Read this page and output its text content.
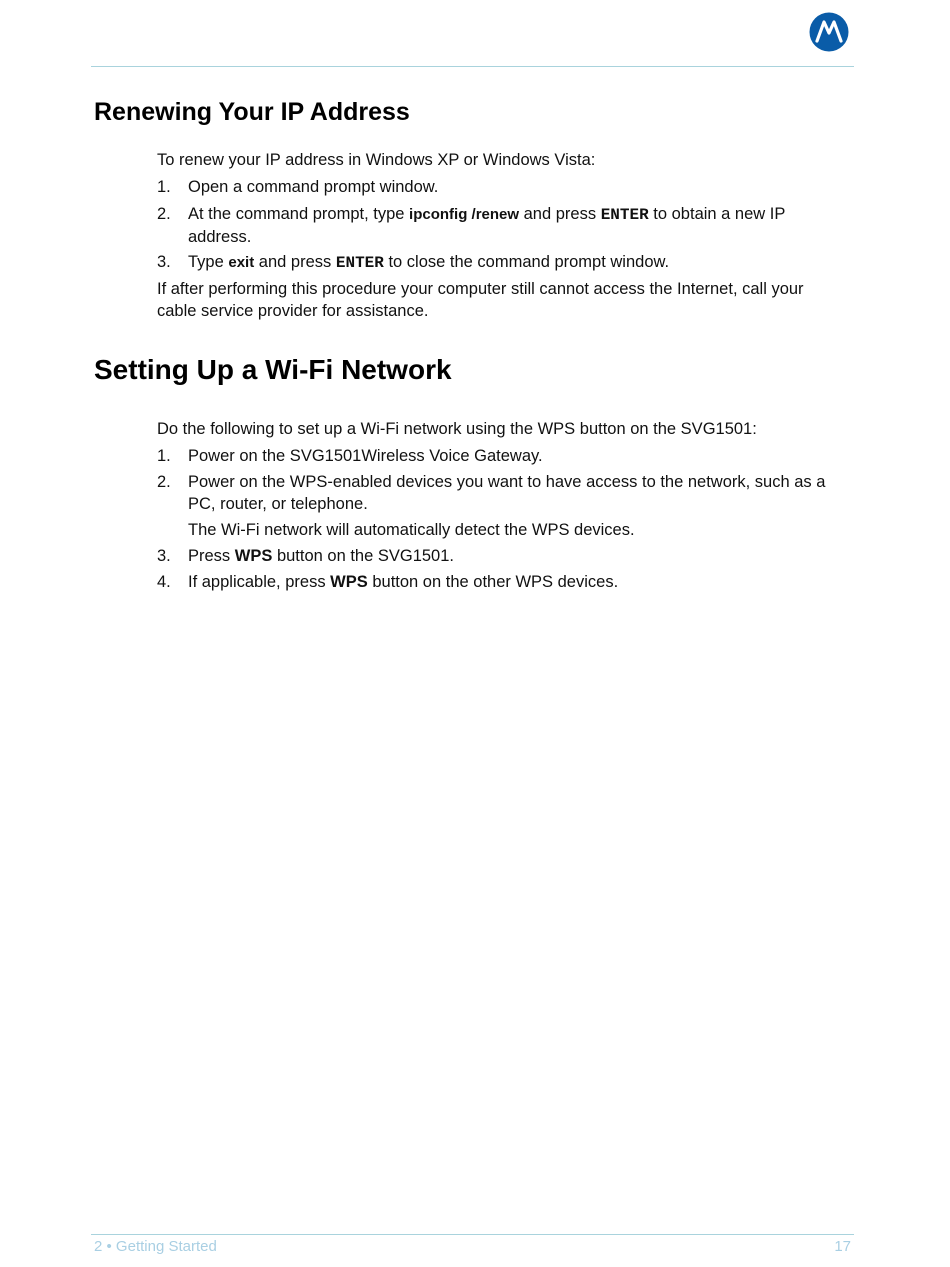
Renewing Your IP Address

To renew your IP address in Windows XP or Windows Vista:

1. Open a command prompt window.
2. At the command prompt, type ipconfig /renew and press ENTER to obtain a new IP address.
3. Type exit and press ENTER to close the command prompt window.

If after performing this procedure your computer still cannot access the Internet, call your cable service provider for assistance.

Setting Up a Wi-Fi Network

Do the following to set up a Wi-Fi network using the WPS button on the SVG1501:

1. Power on the SVG1501Wireless Voice Gateway.
2. Power on the WPS-enabled devices you want to have access to the network, such as a PC, router, or telephone.
The Wi-Fi network will automatically detect the WPS devices.
3. Press WPS button on the SVG1501.
4. If applicable, press WPS button on the other WPS devices.
2 • Getting Started	17
